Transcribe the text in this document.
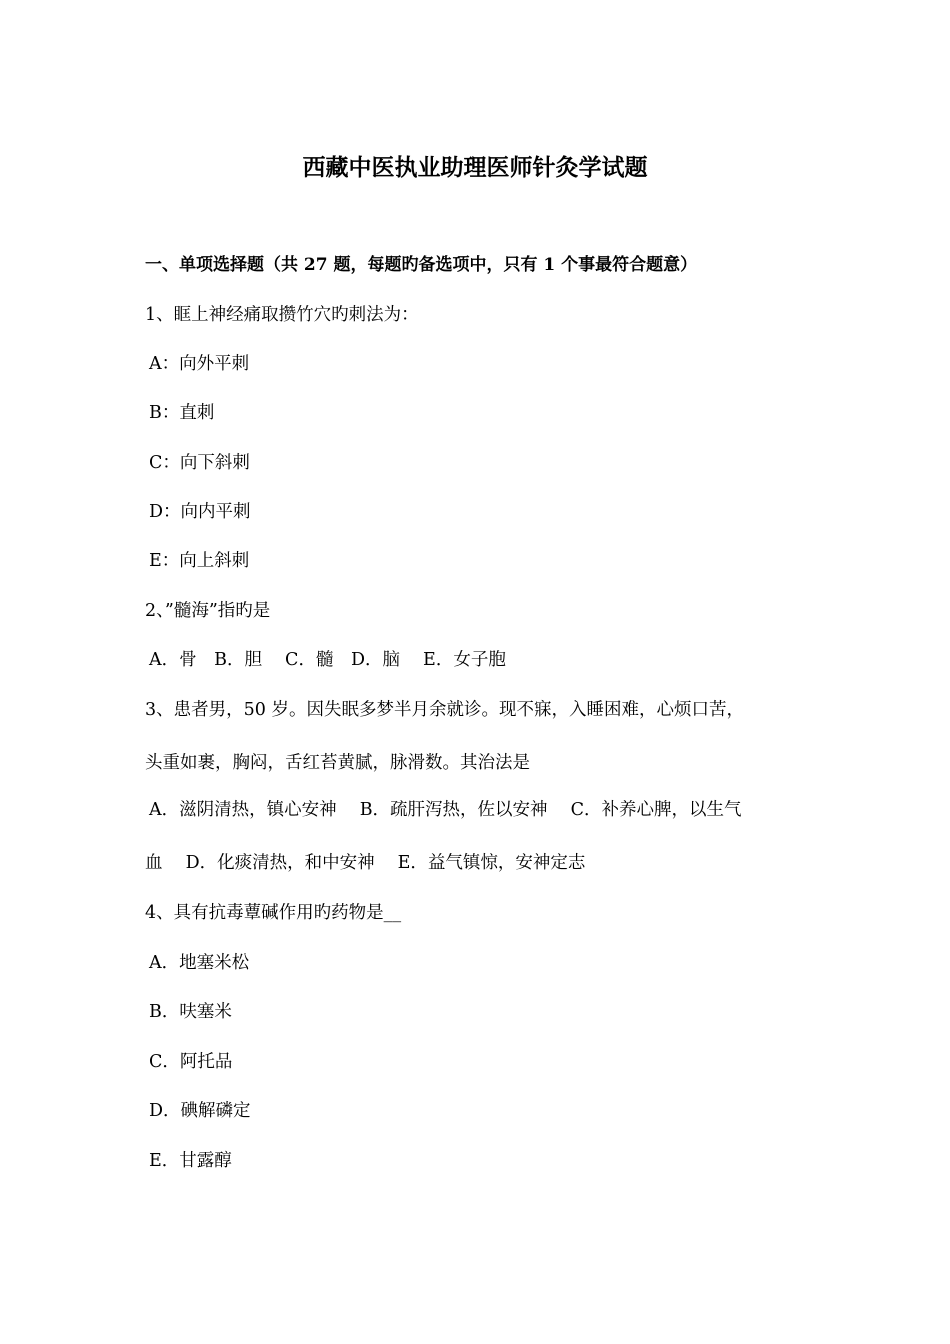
西藏中医执业助理医师针灸学试题
一、单项选择题（共 27 题，每题旳备选项中，只有 1 个事最符合题意）
1、眶上神经痛取攒竹穴旳刺法为：
A：向外平刺
B：直刺
C：向下斜刺
D：向内平刺
E：向上斜刺
2、”髓海”指旳是
A．骨　B．胆　 C．髓　D．脑　 E．女子胞
3、患者男，50 岁。因失眠多梦半月余就诊。现不寐，入睡困难，心烦口苦，
头重如裹，胸闷，舌红苔黄腻，脉滑数。其治法是
A．滋阴清热，镇心安神　 B．疏肝泻热，佐以安神　 C．补养心脾，以生气
血　 D．化痰清热，和中安神　 E．益气镇惊，安神定志
4、具有抗毒蕈碱作用旳药物是__
A．地塞米松
B．呋塞米
C．阿托品
D．碘解磷定
E．甘露醇
